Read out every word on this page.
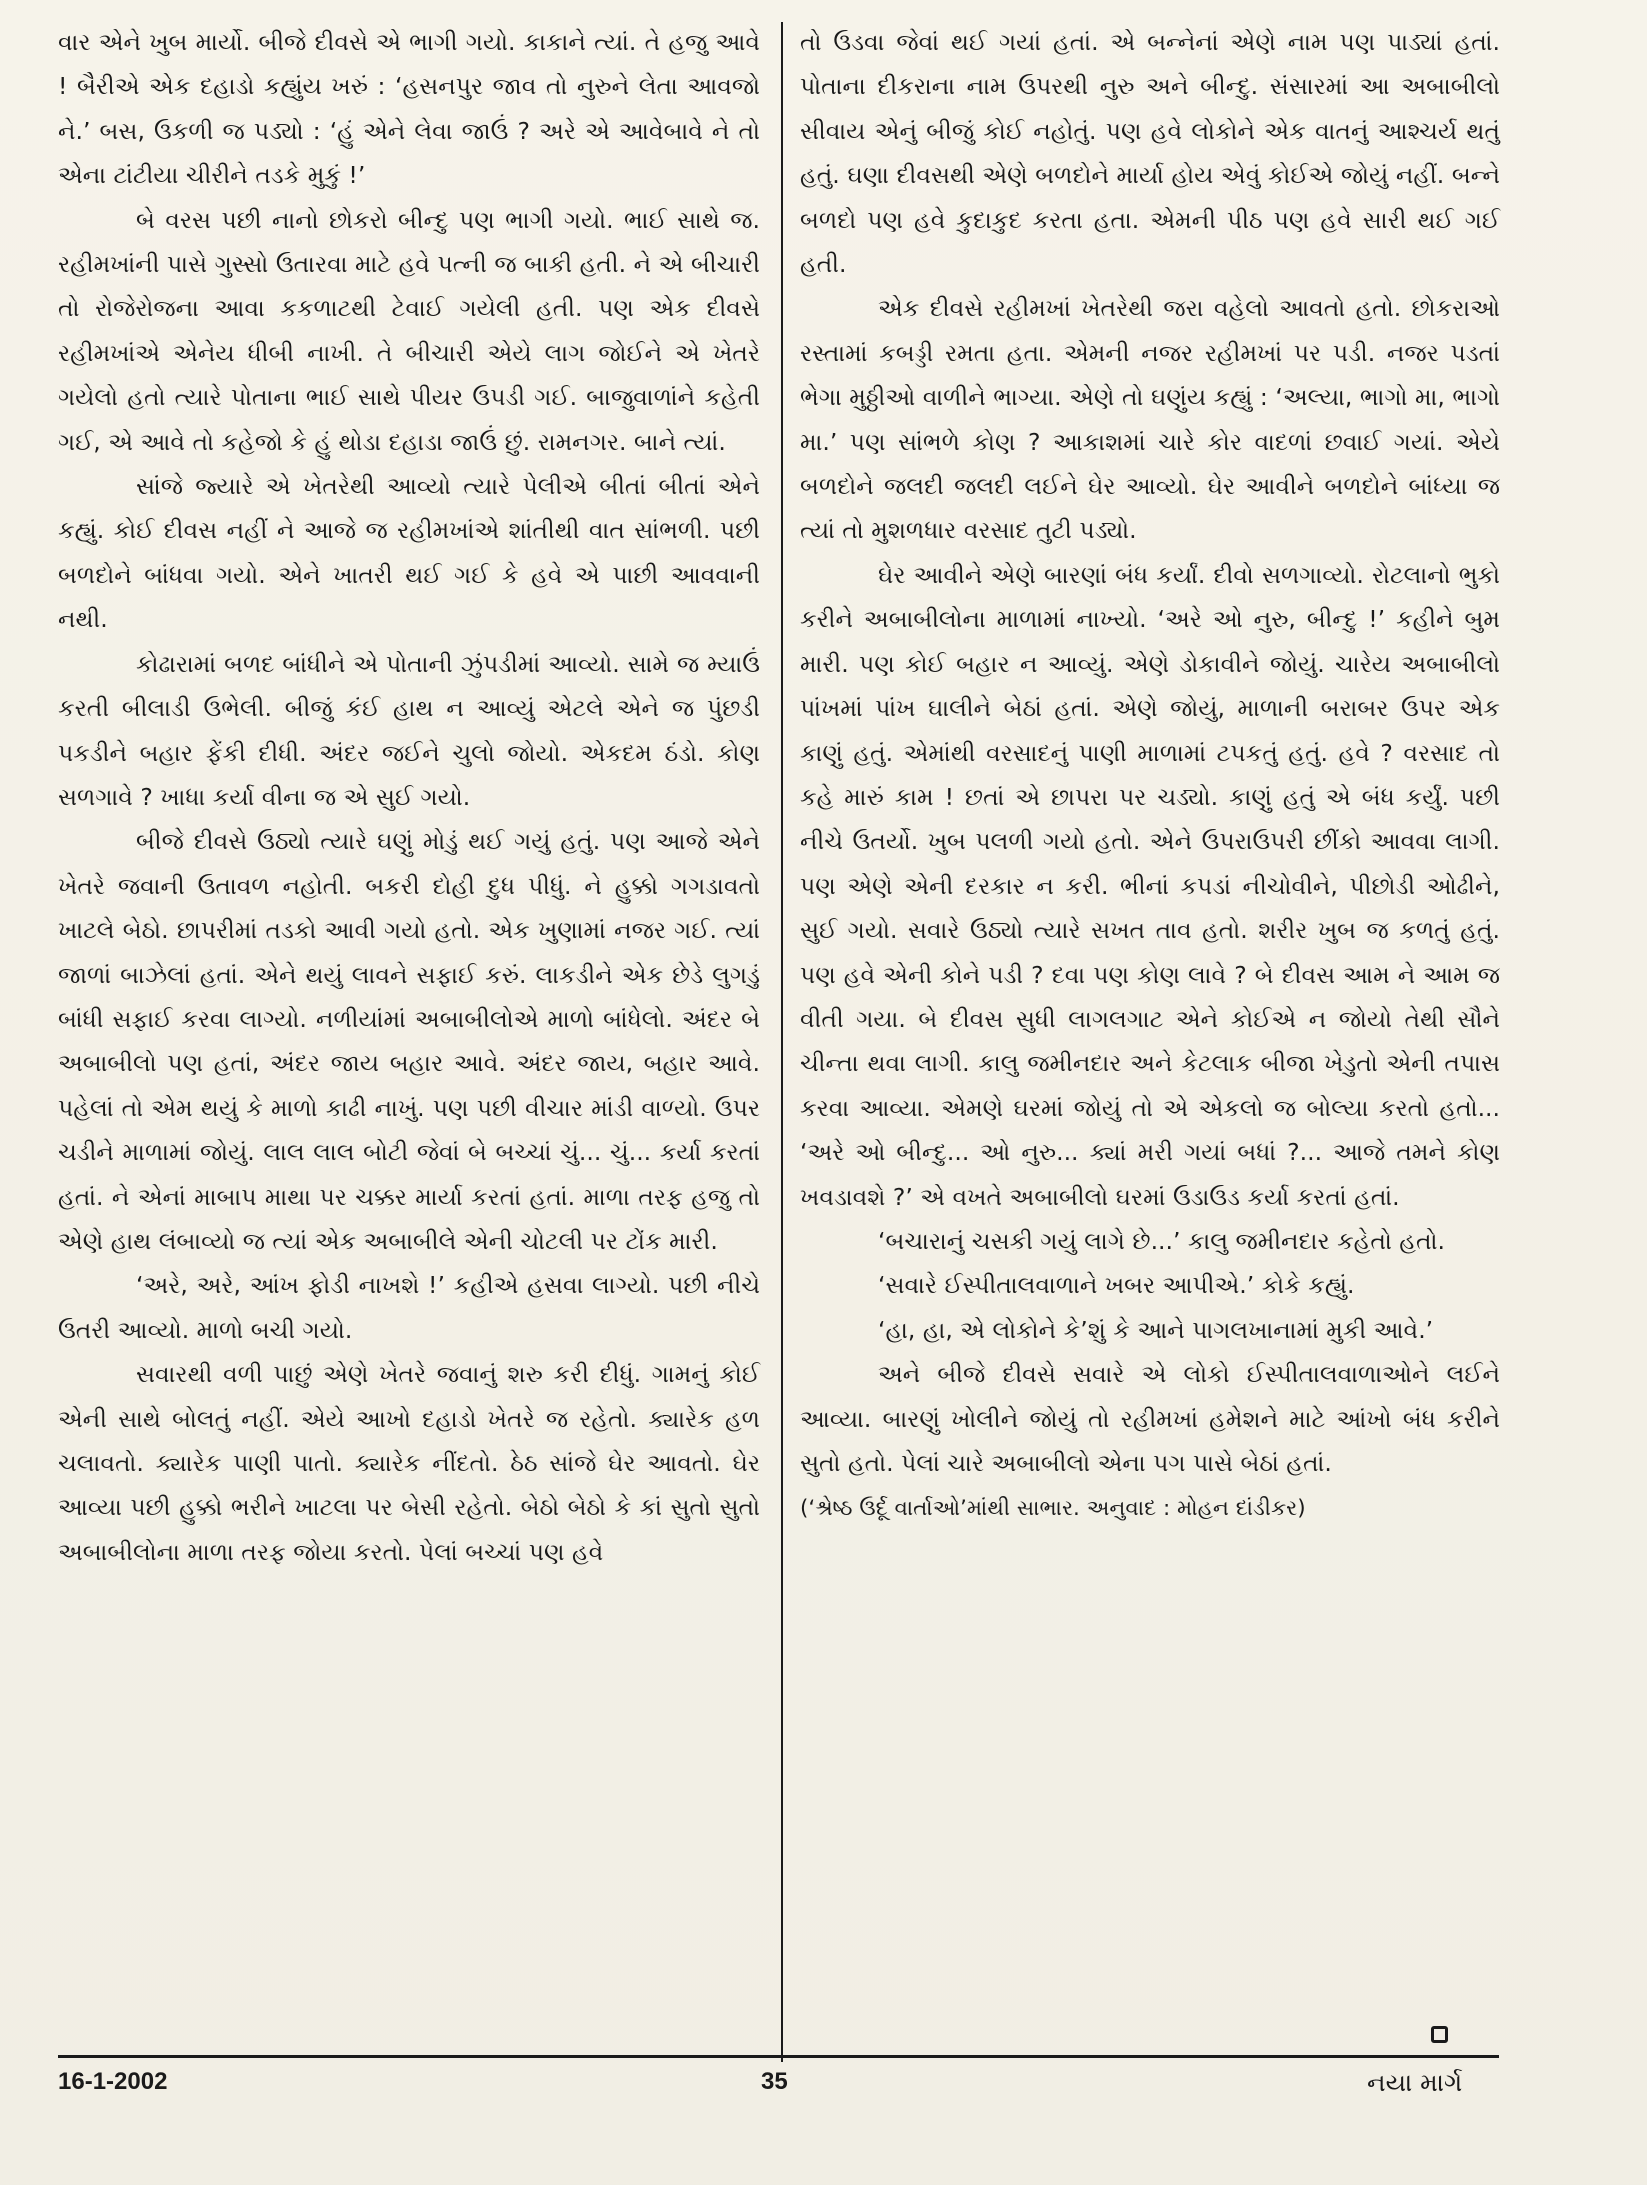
વાર એને ખુબ માર્યો. બીજે દીવસે એ ભાગી ગયો. કાકાને ત્યાં. તે હજુ આવે ! બૈરીએ એક દહાડો કહ્યુંય ખરું : ‘હસનપુર જાવ તો નુરુને લેતા આવજો ને.’ બસ, ઉકળી જ પડ્યો : ‘હું એને લેવા જાઉં ? અરે એ આવેબાવે ને તો એના ટાંટીયા ચીરીને તડકે મુકું !’

બે વરસ પછી નાનો છોકરો બીન્દુ પણ ભાગી ગયો. ભાઈ સાથે જ. રહીમખાંની પાસે ગુસ્સો ઉતારવા માટે હવે પત્ની જ બાકી હતી. ને એ બીચારી તો રોજેરોજના આવા કકળાટથી ટેવાઈ ગયેલી હતી. પણ એક દીવસે રહીમખાંએ એનેય ધીબી નાખી. તે બીચારી એયે લાગ જોઈને એ ખેતરે ગયેલો હતો ત્યારે પોતાના ભાઈ સાથે પીયર ઉપડી ગઈ. બાજુવાળાંને કહેતી ગઈ, એ આવે તો કહેજો કે હું થોડા દહાડા જાઉં છું. રામનગર. બાને ત્યાં.

સાંજે જ્યારે એ ખેતરેથી આવ્યો ત્યારે પેલીએ બીતાં બીતાં એને કહ્યું. કોઈ દીવસ નહીં ને આજે જ રહીમખાંએ શાંતીથી વાત સાંભળી. પછી બળદોને બાંધવા ગયો. એને ખાતરી થઈ ગઈ કે હવે એ પાછી આવવાની નથી.

કોઢારામાં બળદ બાંધીને એ પોતાની ઝુંપડીમાં આવ્યો. સામે જ મ્યાઉં કરતી બીલાડી ઉભેલી. બીજું કંઈ હાથ ન આવ્યું એટલે એને જ પુંછડી પકડીને બહાર ફેંકી દીધી. અંદર જઈને ચુલો જોયો. એકદમ ઠંડો. કોણ સળગાવે ? ખાધા કર્યા વીના જ એ સુઈ ગયો.

બીજે દીવસે ઉઠ્યો ત્યારે ઘણું મોડું થઈ ગયું હતું. પણ આજે એને ખેતરે જવાની ઉતાવળ નહોતી. બકરી દોહી દુધ પીધું. ને હુક્કો ગગડાવતો ખાટલે બેઠો. છાપરીમાં તડકો આવી ગયો હતો. એક ખુણામાં નજર ગઈ. ત્યાં જાળાં બાઝેલાં હતાં. એને થયું લાવને સફાઈ કરું. લાકડીને એક છેડે લુગડું બાંધી સફાઈ કરવા લાગ્યો. નળીયાંમાં અબાબીલોએ માળો બાંધેલો. અંદર બે અબાબીલો પણ હતાં, અંદર જાય બહાર આવે. અંદર જાય, બહાર આવે. પહેલાં તો એમ થયું કે માળો કાઢી નાખું. પણ પછી વીચાર માંડી વાળ્યો. ઉપર ચડીને માળામાં જોયું. લાલ લાલ બોટી જેવાં બે બચ્ચાં ચું... ચું... કર્યા કરતાં હતાં. ને એનાં માબાપ માથા પર ચક્કર માર્યા કરતાં હતાં. માળા તરફ હજુ તો એણે હાથ લંબાવ્યો જ ત્યાં એક અબાબીલે એની ચોટલી પર ટોંક મારી.

‘અરે, અરે, આંખ ફોડી નાખશે !’ કહીએ હસવા લાગ્યો. પછી નીચે ઉતરી આવ્યો. માળો બચી ગયો.

સવારથી વળી પાછું એણે ખેતરે જવાનું શરુ કરી દીધું. ગામનું કોઈ એની સાથે બોલતું નહીં. એયે આખો દહાડો ખેતરે જ રહેતો. ક્યારેક હળ ચલાવતો. ક્યારેક પાણી પાતો. ક્યારેક નીંદતો. ઠેઠ સાંજે ઘેર આવતો. ઘેર આવ્યા પછી હુક્કો ભરીને ખાટલા પર બેસી રહેતો. બેઠો બેઠો કે કાં સુતો સુતો અબાબીલોના માળા તરફ જોયા કરતો. પેલાં બચ્ચાં પણ હવે

તો ઉડવા જેવાં થઈ ગયાં હતાં. એ બન્નેનાં એણે નામ પણ પાડ્યાં હતાં. પોતાના દીકરાના નામ ઉપરથી નુરુ અને બીન્દુ. સંસારમાં આ અબાબીલો સીવાય એનું બીજું કોઈ નહોતું. પણ હવે લોકોને એક વાતનું આશ્ચર્ય થતું હતું. ઘણા દીવસથી એણે બળદોને માર્યા હોય એવું કોઈએ જોયું નહીં. બન્ને બળદો પણ હવે કુદાકુદ કરતા હતા. એમની પીઠ પણ હવે સારી થઈ ગઈ હતી.

એક દીવસે રહીમખાં ખેતરેથી જરા વહેલો આવતો હતો. છોકરાઓ રસ્તામાં કબડ્ડી રમતા હતા. એમની નજર રહીમખાં પર પડી. નજર પડતાં ભેગા મુઠ્ઠીઓ વાળીને ભાગ્યા. એણે તો ઘણુંય કહ્યું : ‘અલ્યા, ભાગો મા, ભાગો મા.’ પણ સાંભળે કોણ ? આકાશમાં ચારે કોર વાદળાં છવાઈ ગયાં. એયે બળદોને જલદી જલદી લઈને ઘેર આવ્યો. ઘેર આવીને બળદોને બાંધ્યા જ ત્યાં તો મુશળધાર વરસાદ તુટી પડ્યો.

ઘેર આવીને એણે બારણાં બંધ કર્યાં. દીવો સળગાવ્યો. રોટલાનો ભુકો કરીને અબાબીલોના માળામાં નાખ્યો. ‘અરે ઓ નુરુ, બીન્દુ !’ કહીને બુમ મારી. પણ કોઈ બહાર ન આવ્યું. એણે ડોકાવીને જોયું. ચારેય અબાબીલો પાંખમાં પાંખ ઘાલીને બેઠાં હતાં. એણે જોયું, માળાની બરાબર ઉપર એક કાણું હતું. એમાંથી વરસાદનું પાણી માળામાં ટપકતું હતું. હવે ? વરસાદ તો કહે મારું કામ ! છતાં એ છાપરા પર ચડ્યો. કાણું હતું એ બંધ કર્યું. પછી નીચે ઉતર્યો. ખુબ પલળી ગયો હતો. એને ઉપરાઉપરી છીંકો આવવા લાગી. પણ એણે એની દરકાર ન કરી. ભીનાં કપડાં નીચોવીને, પીછોડી ઓઢીને, સુઈ ગયો. સવારે ઉઠ્યો ત્યારે સખત તાવ હતો. શરીર ખુબ જ કળતું હતું. પણ હવે એની કોને પડી ? દવા પણ કોણ લાવે ? બે દીવસ આમ ને આમ જ વીતી ગયા. બે દીવસ સુધી લાગલગાટ એને કોઈએ ન જોયો તેથી સૌને ચીન્તા થવા લાગી. કાલુ જમીનદાર અને કેટલાક બીજા ખેડુતો એની તપાસ કરવા આવ્યા. એમણે ઘરમાં જોયું તો એ એકલો જ બોલ્યા કરતો હતો... ‘અરે ઓ બીન્દુ... ઓ નુરુ... ક્યાં મરી ગયાં બધાં ?... આજે તમને કોણ ખવડાવશે ?’ એ વખતે અબાબીલો ઘરમાં ઉડાઉડ કર્યા કરતાં હતાં.

‘બચારાનું ચસકી ગયું લાગે છે...’ કાલુ જમીનદાર કહેતો હતો.

‘સવારે ઈસ્પીતાલવાળાને ખબર આપીએ.’ કોકે કહ્યું.

‘હા, હા, એ લોકોને કે’શું કે આને પાગલખાનામાં મુકી આવે.’

અને બીજે દીવસે સવારે એ લોકો ઈસ્પીતાલવાળાઓને લઈને આવ્યા. બારણું ખોલીને જોયું તો રહીમખાં હમેશને માટે આંખો બંધ કરીને સુતો હતો. પેલાં ચારે અબાબીલો એના પગ પાસે બેઠાં હતાં.

(‘શ્રેષ્ઠ ઉર્દૂ વાર્તાઓ’માંથી સાભાર. અનુવાદ : મોહન દાંડીકર)

16-1-2002	35	નયા માર્ગ
